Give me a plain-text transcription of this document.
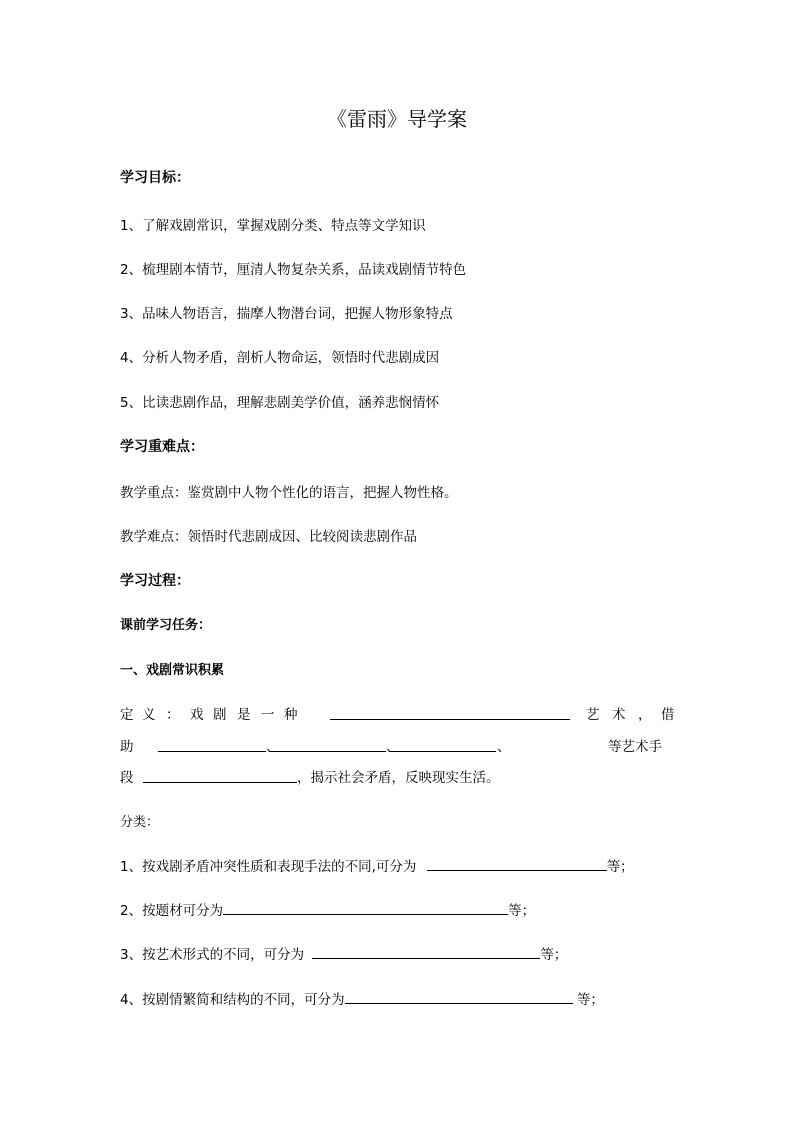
《雷雨》导学案
学习目标：
1、了解戏剧常识，掌握戏剧分类、特点等文学知识
2、梳理剧本情节，厘清人物复杂关系，品读戏剧情节特色
3、品味人物语言，揣摩人物潜台词，把握人物形象特点
4、分析人物矛盾，剖析人物命运，领悟时代悲剧成因
5、比读悲剧作品，理解悲剧美学价值，涵养悲悯情怀
学习重难点：
教学重点：鉴赏剧中人物个性化的语言，把握人物性格。
教学难点：领悟时代悲剧成因、比较阅读悲剧作品
学习过程：
课前学习任务：
一、戏剧常识积累
定 义 ： 戏 剧 是 一 种	艺 术 ， 借
助	、	、	、	等艺术手
段	，揭示社会矛盾，反映现实生活。
分类：
1、按戏剧矛盾冲突性质和表现手法的不同,可分为	等；
2、按题材可分为	等；
3、按艺术形式的不同，可分为	等；
4、按剧情繁简和结构的不同，可分为	等；
